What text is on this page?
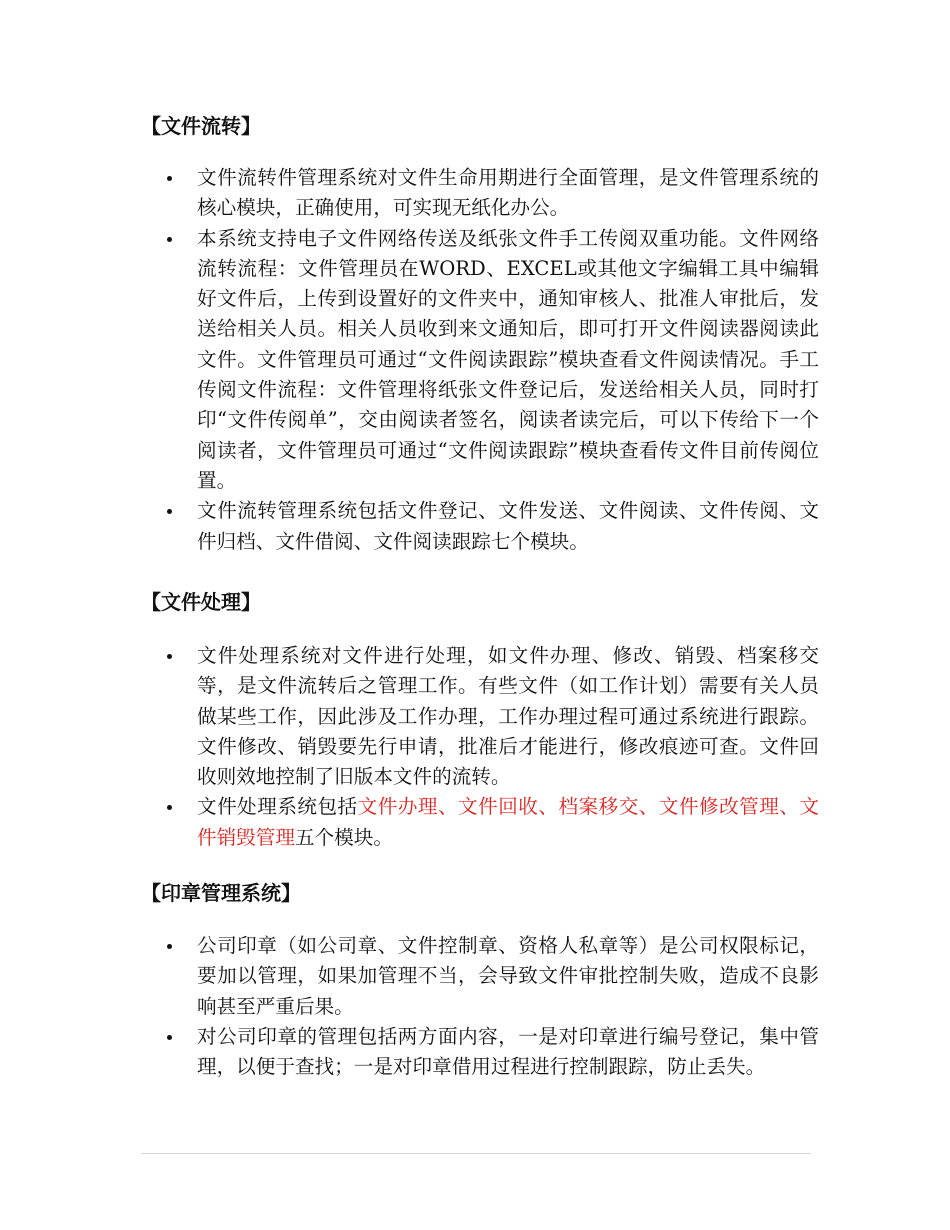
【文件流转】
文件流转件管理系统对文件生命用期进行全面管理，是文件管理系统的核心模块，正确使用，可实现无纸化办公。
本系统支持电子文件网络传送及纸张文件手工传阅双重功能。文件网络流转流程：文件管理员在WORD、EXCEL或其他文字编辑工具中编辑好文件后，上传到设置好的文件夹中，通知审核人、批准人审批后，发送给相关人员。相关人员收到来文通知后，即可打开文件阅读器阅读此文件。文件管理员可通过“文件阅读跟踪”模块查看文件阅读情况。手工传阅文件流程：文件管理将纸张文件登记后，发送给相关人员，同时打印“文件传阅单”，交由阅读者签名，阅读者读完后，可以下传给下一个阅读者，文件管理员可通过“文件阅读跟踪”模块查看传文件目前传阅位置。
文件流转管理系统包括文件登记、文件发送、文件阅读、文件传阅、文件归档、文件借阅、文件阅读跟踪七个模块。
【文件处理】
文件处理系统对文件进行处理，如文件办理、修改、销毁、档案移交等，是文件流转后之管理工作。有些文件（如工作计划）需要有关人员做某些工作，因此涉及工作办理，工作办理过程可通过系统进行跟踪。文件修改、销毁要先行申请，批准后才能进行，修改痕迹可查。文件回收则效地控制了旧版本文件的流转。
文件处理系统包括文件办理、文件回收、档案移交、文件修改管理、文件销毁管理五个模块。
【印章管理系统】
公司印章（如公司章、文件控制章、资格人私章等）是公司权限标记，要加以管理，如果加管理不当，会导致文件审批控制失败，造成不良影响甚至严重后果。
对公司印章的管理包括两方面内容，一是对印章进行编号登记，集中管理，以便于查找；一是对印章借用过程进行控制跟踪，防止丢失。
